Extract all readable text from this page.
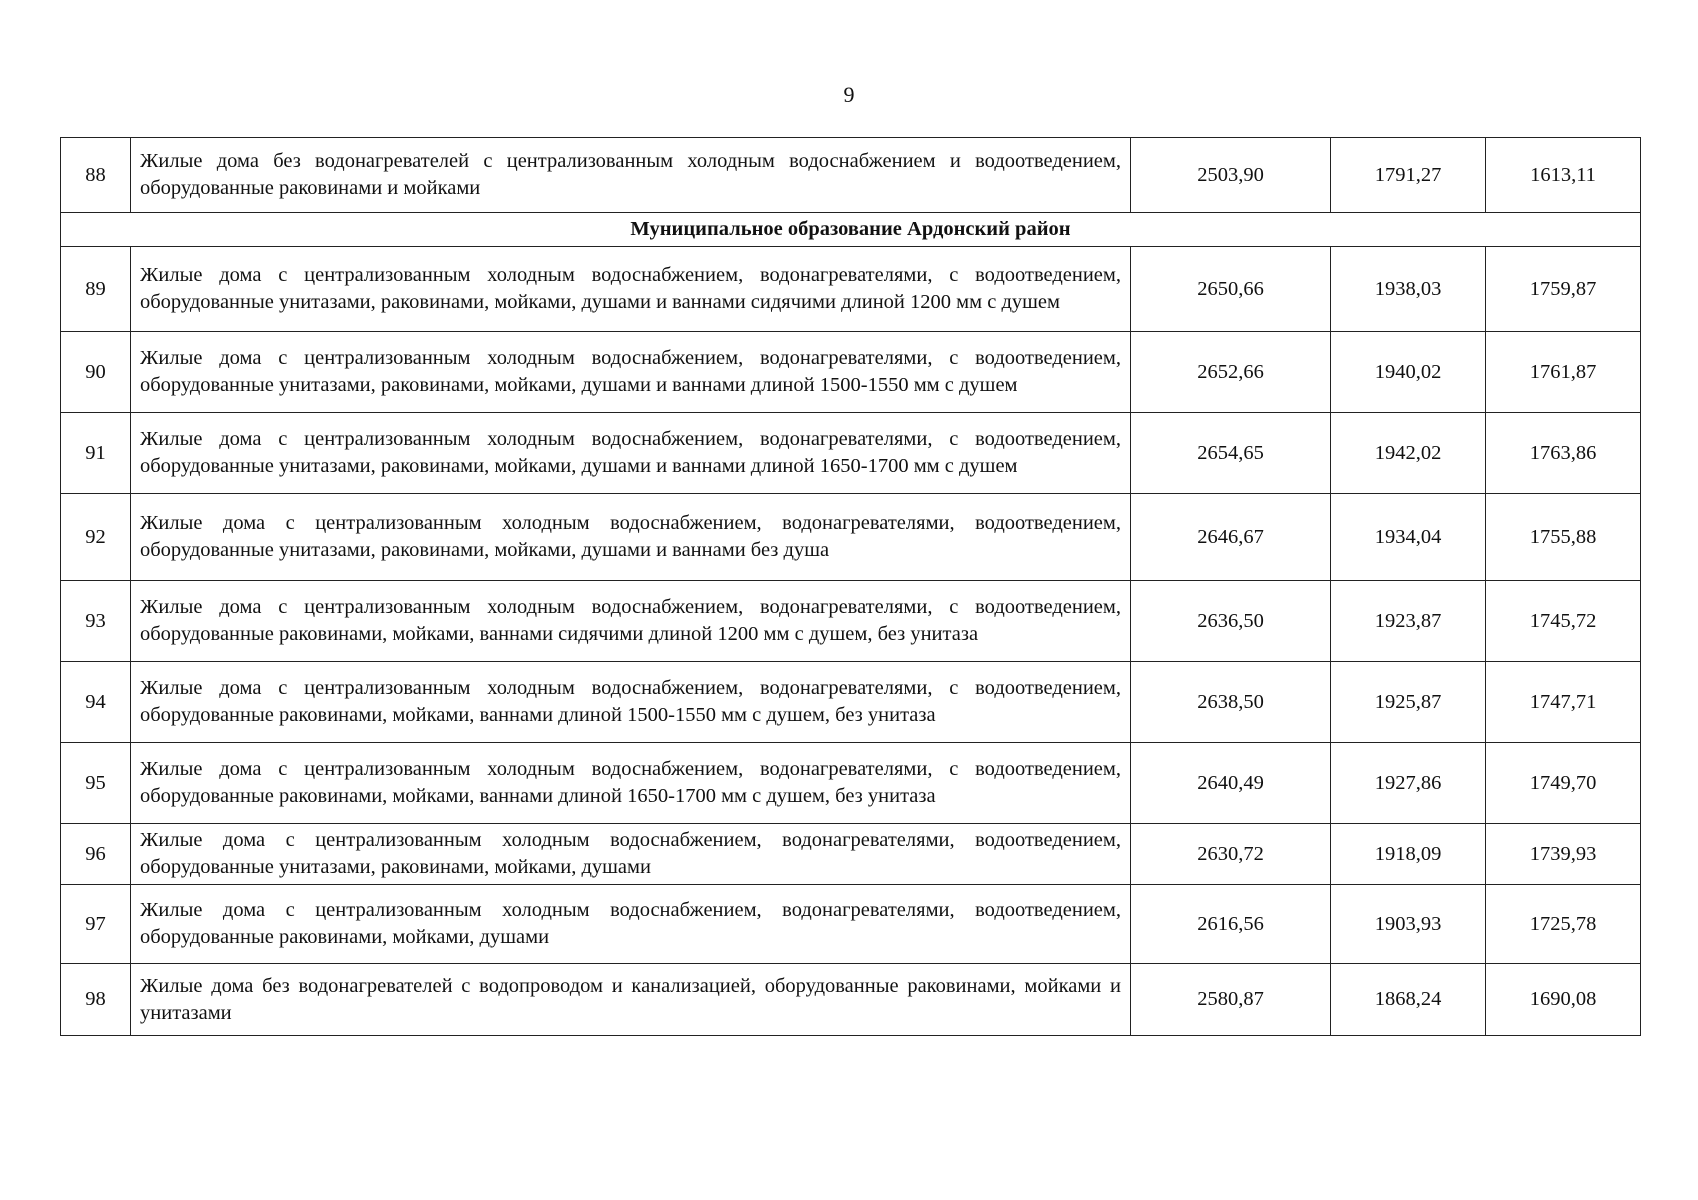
9
88	Жилые дома без водонагревателей с централизованным холодным водоснабжением и водоотведением, оборудованные раковинами и мойками	2503,90	1791,27	1613,11
Муниципальное образование Ардонский район				
89	Жилые дома с централизованным холодным водоснабжением, водонагревателями, с водоотведением, оборудованные унитазами, раковинами, мойками, душами и ваннами сидячими длиной 1200 мм с душем	2650,66	1938,03	1759,87
90	Жилые дома с централизованным холодным водоснабжением, водонагревателями, с водоотведением, оборудованные унитазами, раковинами, мойками, душами и ваннами длиной 1500-1550 мм с душем	2652,66	1940,02	1761,87
91	Жилые дома с централизованным холодным водоснабжением, водонагревателями, с водоотведением, оборудованные унитазами, раковинами, мойками, душами и ваннами длиной 1650-1700 мм с душем	2654,65	1942,02	1763,86
92	Жилые дома с централизованным холодным водоснабжением, водонагревателями, водоотведением, оборудованные унитазами, раковинами, мойками, душами и ваннами без душа	2646,67	1934,04	1755,88
93	Жилые дома с централизованным холодным водоснабжением, водонагревателями, с водоотведением, оборудованные раковинами, мойками, ваннами сидячими длиной 1200 мм с душем, без унитаза	2636,50	1923,87	1745,72
94	Жилые дома с централизованным холодным водоснабжением, водонагревателями, с водоотведением, оборудованные раковинами, мойками, ваннами длиной 1500-1550 мм с душем, без унитаза	2638,50	1925,87	1747,71
95	Жилые дома с централизованным холодным водоснабжением, водонагревателями, с водоотведением, оборудованные раковинами, мойками, ваннами длиной 1650-1700 мм с душем, без унитаза	2640,49	1927,86	1749,70
96	Жилые дома с централизованным холодным водоснабжением, водонагревателями, водоотведением, оборудованные унитазами, раковинами, мойками, душами	2630,72	1918,09	1739,93
97	Жилые дома с централизованным холодным водоснабжением, водонагревателями, водоотведением, оборудованные раковинами, мойками, душами	2616,56	1903,93	1725,78
98	Жилые дома без водонагревателей с водопроводом и канализацией, оборудованные раковинами, мойками и унитазами	2580,87	1868,24	1690,08
